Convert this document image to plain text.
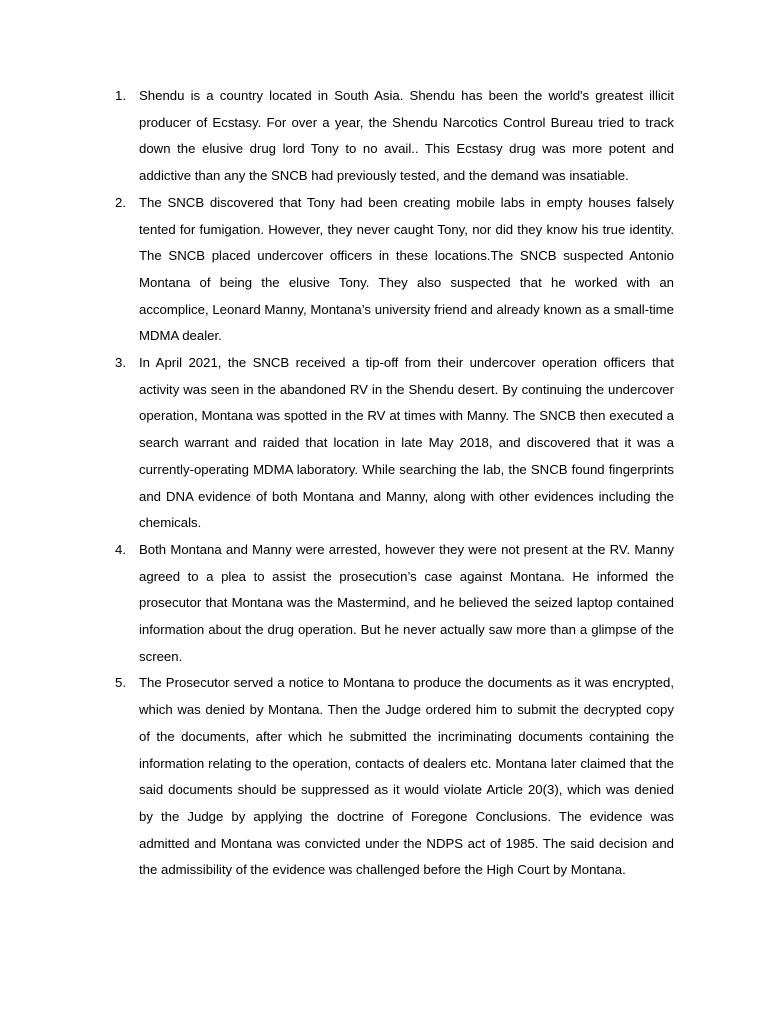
1. Shendu is a country located in South Asia. Shendu has been the world's greatest illicit producer of Ecstasy. For over a year, the Shendu Narcotics Control Bureau tried to track down the elusive drug lord Tony to no avail.. This Ecstasy drug was more potent and addictive than any the SNCB had previously tested, and the demand was insatiable.
2. The SNCB discovered that Tony had been creating mobile labs in empty houses falsely tented for fumigation. However, they never caught Tony, nor did they know his true identity. The SNCB placed undercover officers in these locations.The SNCB suspected Antonio Montana of being the elusive Tony. They also suspected that he worked with an accomplice, Leonard Manny, Montana’s university friend and already known as a small-time MDMA dealer.
3. In April 2021, the SNCB received a tip-off from their undercover operation officers that activity was seen in the abandoned RV in the Shendu desert. By continuing the undercover operation, Montana was spotted in the RV at times with Manny. The SNCB then executed a search warrant and raided that location in late May 2018, and discovered that it was a currently-operating MDMA laboratory. While searching the lab, the SNCB found fingerprints and DNA evidence of both Montana and Manny, along with other evidences including the chemicals.
4. Both Montana and Manny were arrested, however they were not present at the RV. Manny agreed to a plea to assist the prosecution’s case against Montana. He informed the prosecutor that Montana was the Mastermind, and he believed the seized laptop contained information about the drug operation. But he never actually saw more than a glimpse of the screen.
5. The Prosecutor served a notice to Montana to produce the documents as it was encrypted, which was denied by Montana. Then the Judge ordered him to submit the decrypted copy of the documents, after which he submitted the incriminating documents containing the information relating to the operation, contacts of dealers etc. Montana later claimed that the said documents should be suppressed as it would violate Article 20(3), which was denied by the Judge by applying the doctrine of Foregone Conclusions. The evidence was admitted and Montana was convicted under the NDPS act of 1985. The said decision and the admissibility of the evidence was challenged before the High Court by Montana.
